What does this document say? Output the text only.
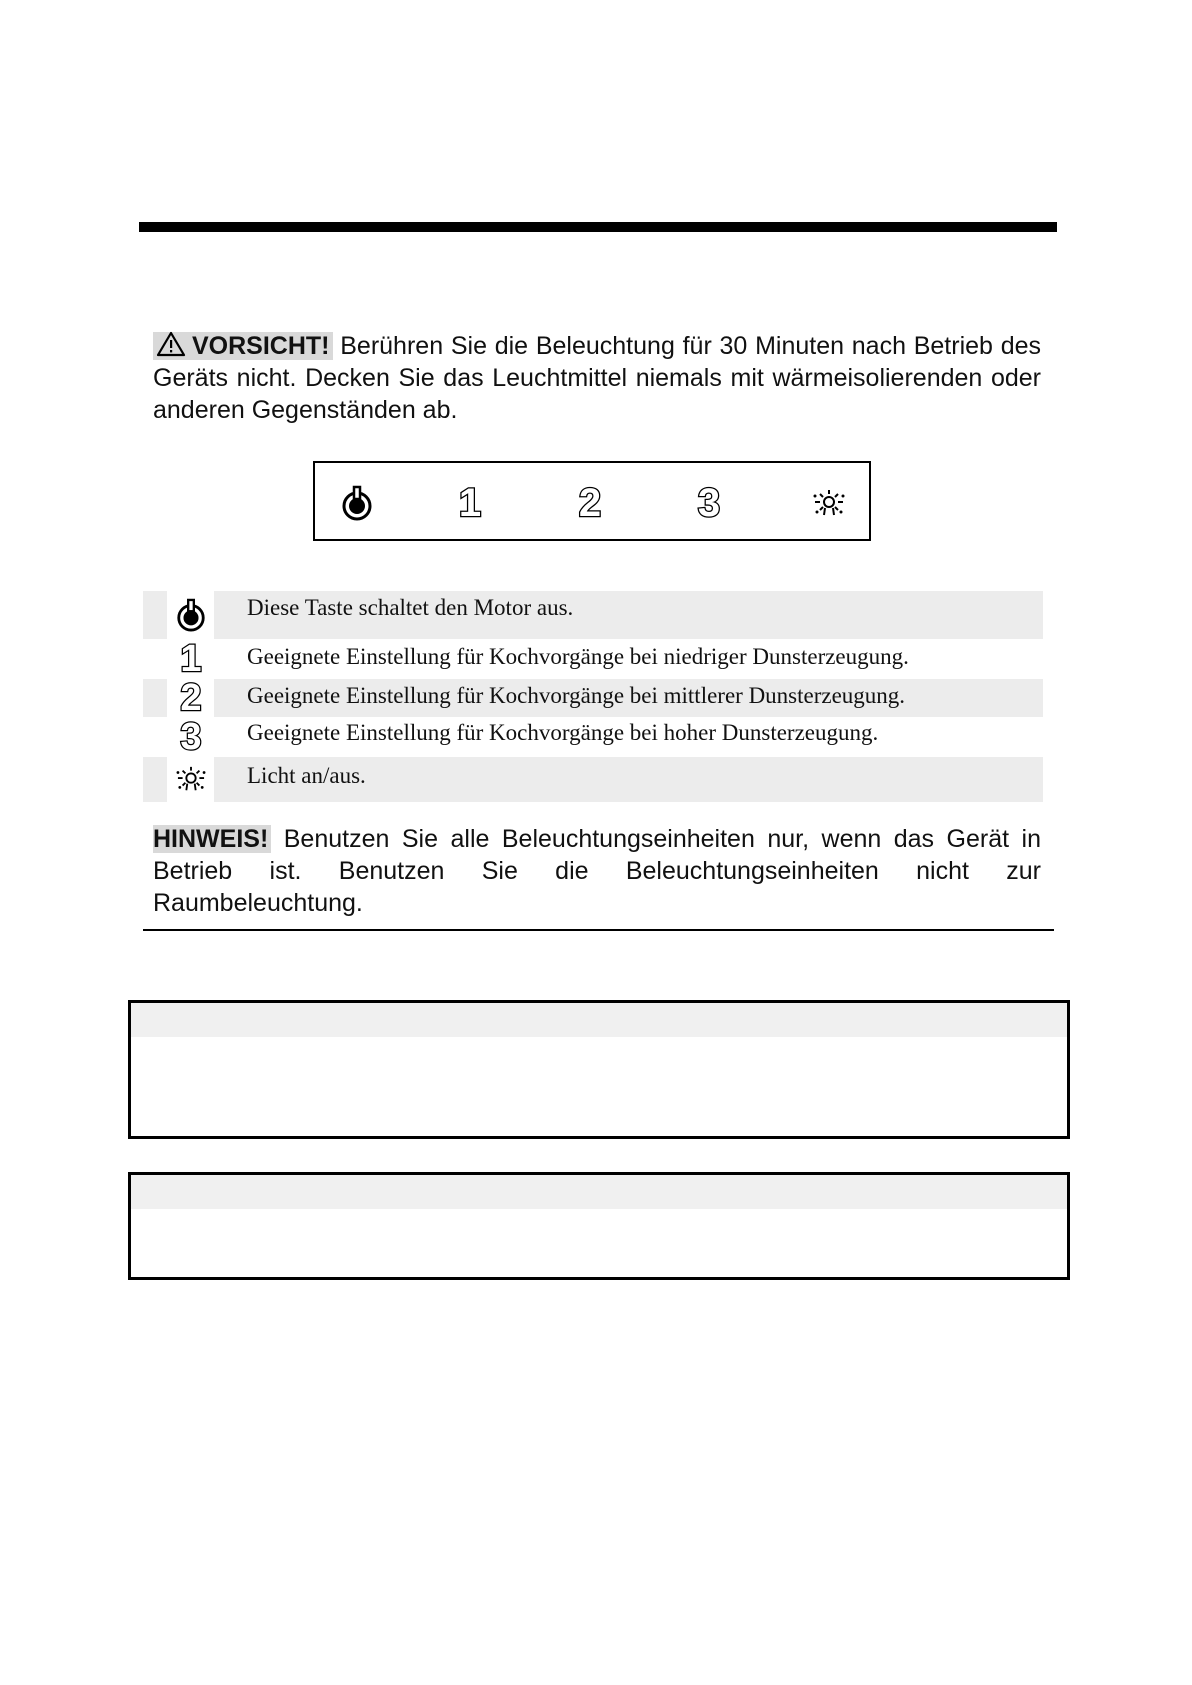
VORSICHT! Berühren Sie die Beleuchtung für 30 Minuten nach Betrieb des Geräts nicht. Decken Sie das Leuchtmittel niemals mit wärmeisolierenden oder anderen Gegenständen ab.
1 2 3
Diese Taste schaltet den Motor aus.
1 Geeignete Einstellung für Kochvorgänge bei niedriger Dunsterzeugung.
2 Geeignete Einstellung für Kochvorgänge bei mittlerer Dunsterzeugung.
3 Geeignete Einstellung für Kochvorgänge bei hoher Dunsterzeugung.
Licht an/aus.
HINWEIS! Benutzen Sie alle Beleuchtungseinheiten nur, wenn das Gerät in Betrieb ist. Benutzen Sie die Beleuchtungseinheiten nicht zur Raumbeleuchtung.
